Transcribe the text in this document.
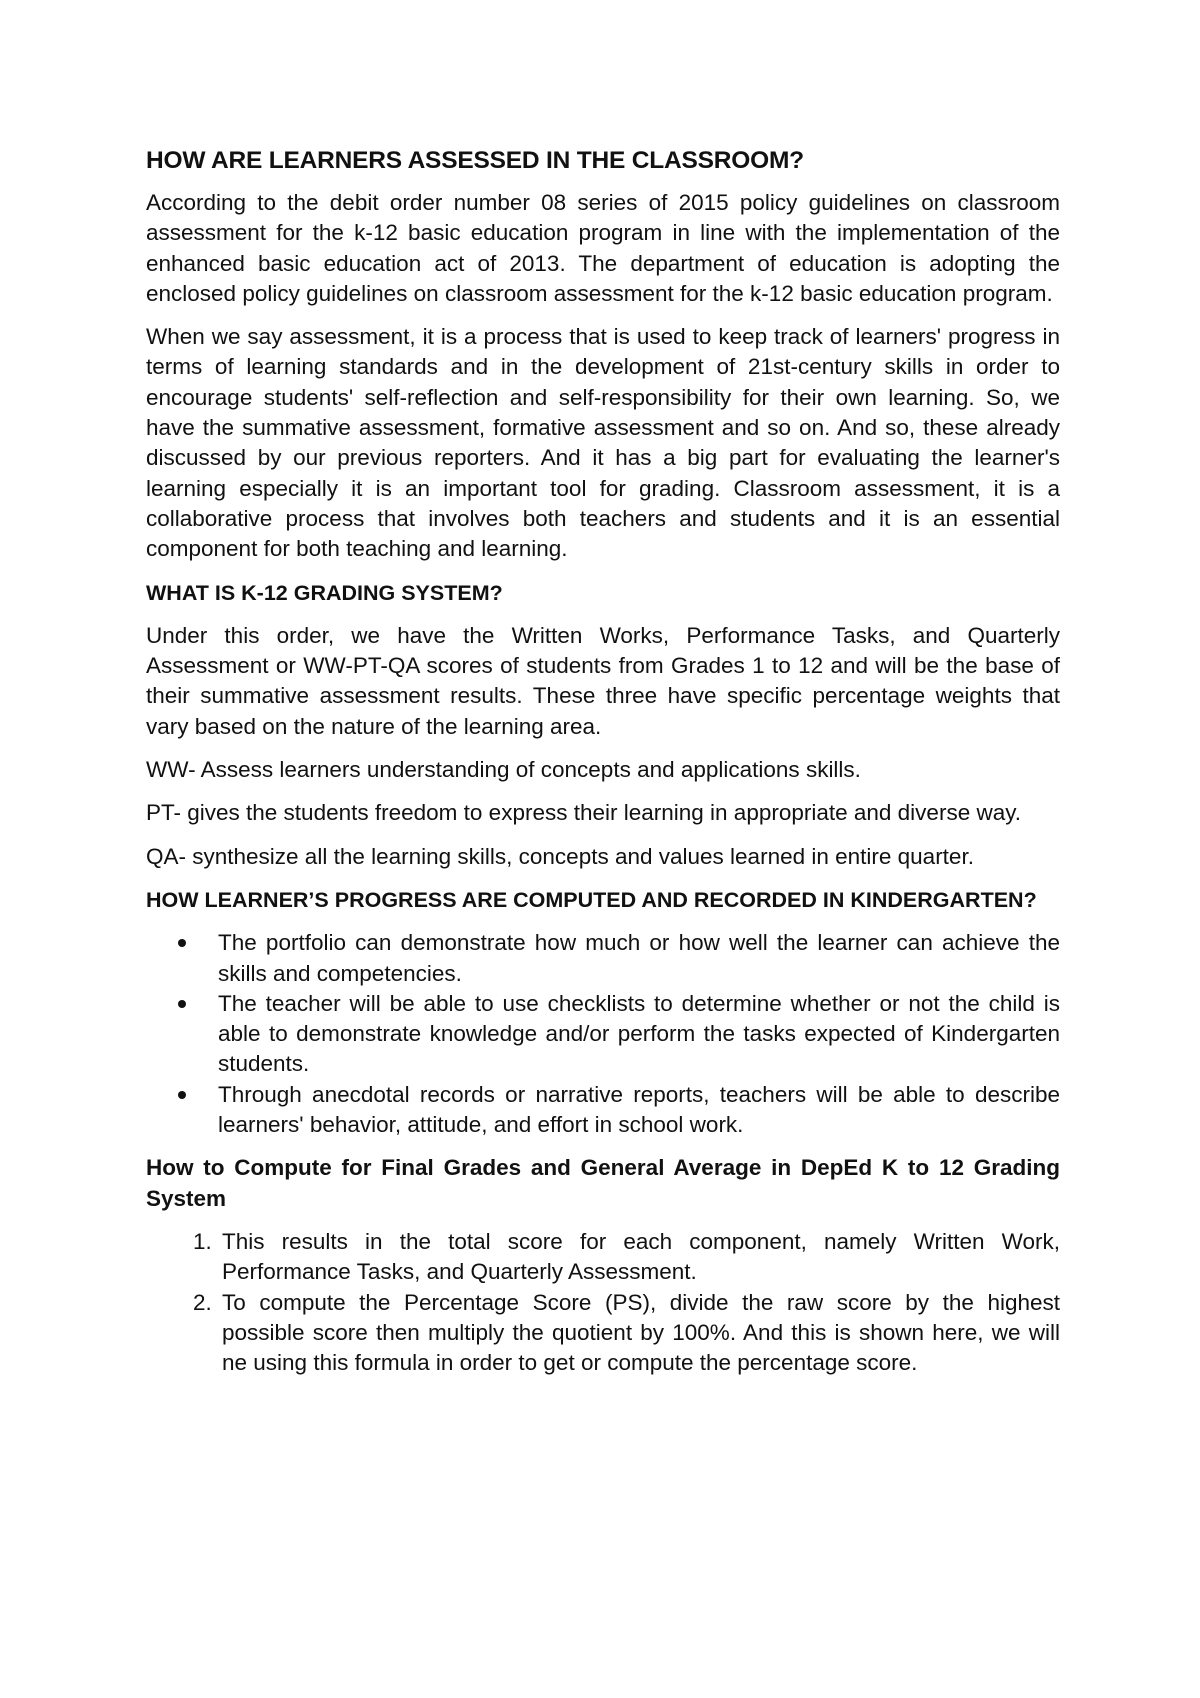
HOW ARE LEARNERS ASSESSED IN THE CLASSROOM?

According to the debit order number 08 series of 2015 policy guidelines on classroom assessment for the k-12 basic education program in line with the implementation of the enhanced basic education act of 2013. The department of education is adopting the enclosed policy guidelines on classroom assessment for the k-12 basic education program.

When we say assessment, it is a process that is used to keep track of learners' progress in terms of learning standards and in the development of 21st-century skills in order to encourage students' self-reflection and self-responsibility for their own learning. So, we have the summative assessment, formative assessment and so on. And so, these already discussed by our previous reporters. And it has a big part for evaluating the learner's learning especially it is an important tool for grading. Classroom assessment, it is a collaborative process that involves both teachers and students and it is an essential component for both teaching and learning.

WHAT IS K-12 GRADING SYSTEM?

Under this order, we have the Written Works, Performance Tasks, and Quarterly Assessment or WW-PT-QA scores of students from Grades 1 to 12 and will be the base of their summative assessment results. These three have specific percentage weights that vary based on the nature of the learning area.

WW- Assess learners understanding of concepts and applications skills.

PT- gives the students freedom to express their learning in appropriate and diverse way.

QA- synthesize all the learning skills, concepts and values learned in entire quarter.

HOW LEARNER’S PROGRESS ARE COMPUTED AND RECORDED IN KINDERGARTEN?
The portfolio can demonstrate how much or how well the learner can achieve the skills and competencies.
The teacher will be able to use checklists to determine whether or not the child is able to demonstrate knowledge and/or perform the tasks expected of Kindergarten students.
Through anecdotal records or narrative reports, teachers will be able to describe learners' behavior, attitude, and effort in school work.
How to Compute for Final Grades and General Average in DepEd K to 12 Grading System
1. This results in the total score for each component, namely Written Work, Performance Tasks, and Quarterly Assessment.
2. To compute the Percentage Score (PS), divide the raw score by the highest possible score then multiply the quotient by 100%. And this is shown here, we will ne using this formula in order to get or compute the percentage score.
